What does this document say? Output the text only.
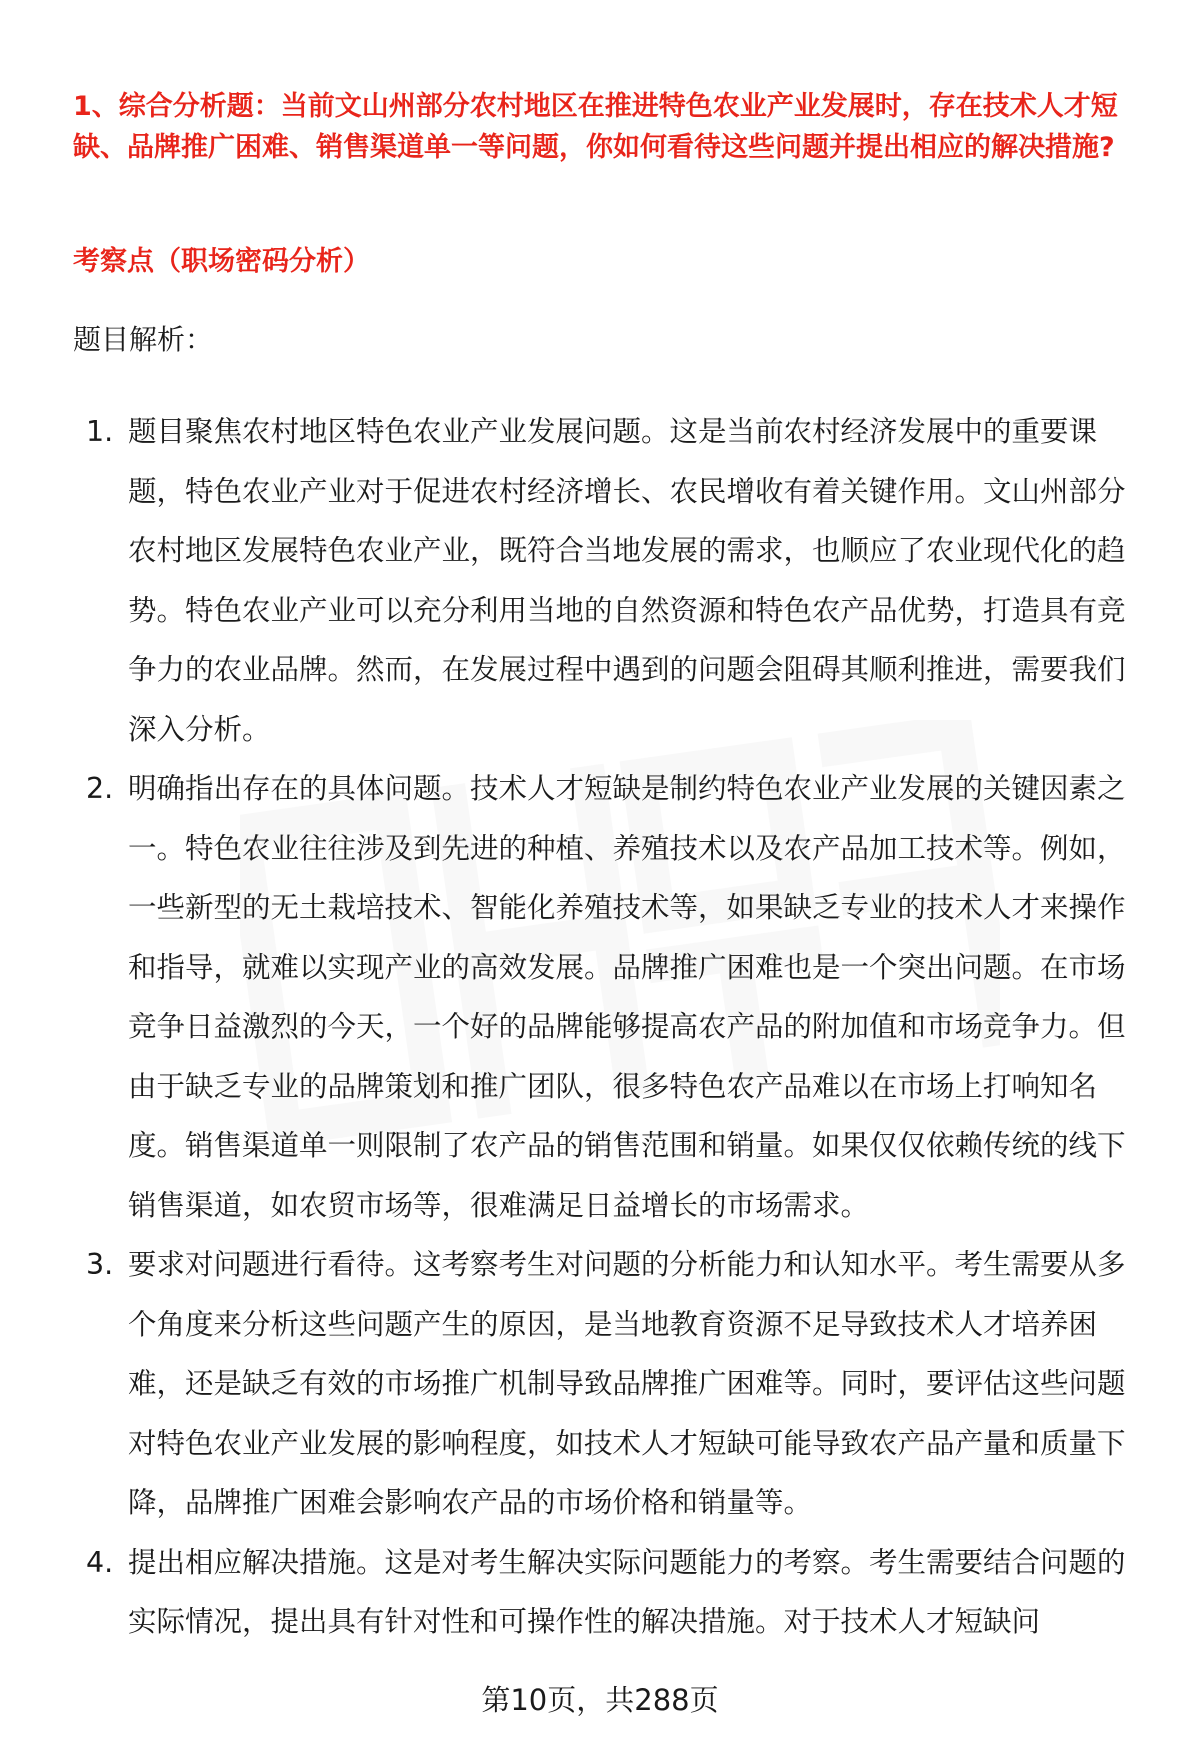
1、综合分析题：当前文山州部分农村地区在推进特色农业产业发展时，存在技术人才短缺、品牌推广困难、销售渠道单一等问题，你如何看待这些问题并提出相应的解决措施?

考察点（职场密码分析）

题目解析：

1. 题目聚焦农村地区特色农业产业发展问题。这是当前农村经济发展中的重要课题，特色农业产业对于促进农村经济增长、农民增收有着关键作用。文山州部分农村地区发展特色农业产业，既符合当地发展的需求，也顺应了农业现代化的趋势。特色农业产业可以充分利用当地的自然资源和特色农产品优势，打造具有竞争力的农业品牌。然而，在发展过程中遇到的问题会阻碍其顺利推进，需要我们深入分析。
2. 明确指出存在的具体问题。技术人才短缺是制约特色农业产业发展的关键因素之一。特色农业往往涉及到先进的种植、养殖技术以及农产品加工技术等。例如，一些新型的无土栽培技术、智能化养殖技术等，如果缺乏专业的技术人才来操作和指导，就难以实现产业的高效发展。品牌推广困难也是一个突出问题。在市场竞争日益激烈的今天，一个好的品牌能够提高农产品的附加值和市场竞争力。但由于缺乏专业的品牌策划和推广团队，很多特色农产品难以在市场上打响知名度。销售渠道单一则限制了农产品的销售范围和销量。如果仅仅依赖传统的线下销售渠道，如农贸市场等，很难满足日益增长的市场需求。
3. 要求对问题进行看待。这考察考生对问题的分析能力和认知水平。考生需要从多个角度来分析这些问题产生的原因，是当地教育资源不足导致技术人才培养困难，还是缺乏有效的市场推广机制导致品牌推广困难等。同时，要评估这些问题对特色农业产业发展的影响程度，如技术人才短缺可能导致农产品产量和质量下降，品牌推广困难会影响农产品的市场价格和销量等。
4. 提出相应解决措施。这是对考生解决实际问题能力的考察。考生需要结合问题的实际情况，提出具有针对性和可操作性的解决措施。对于技术人才短缺问

第10页，共288页
